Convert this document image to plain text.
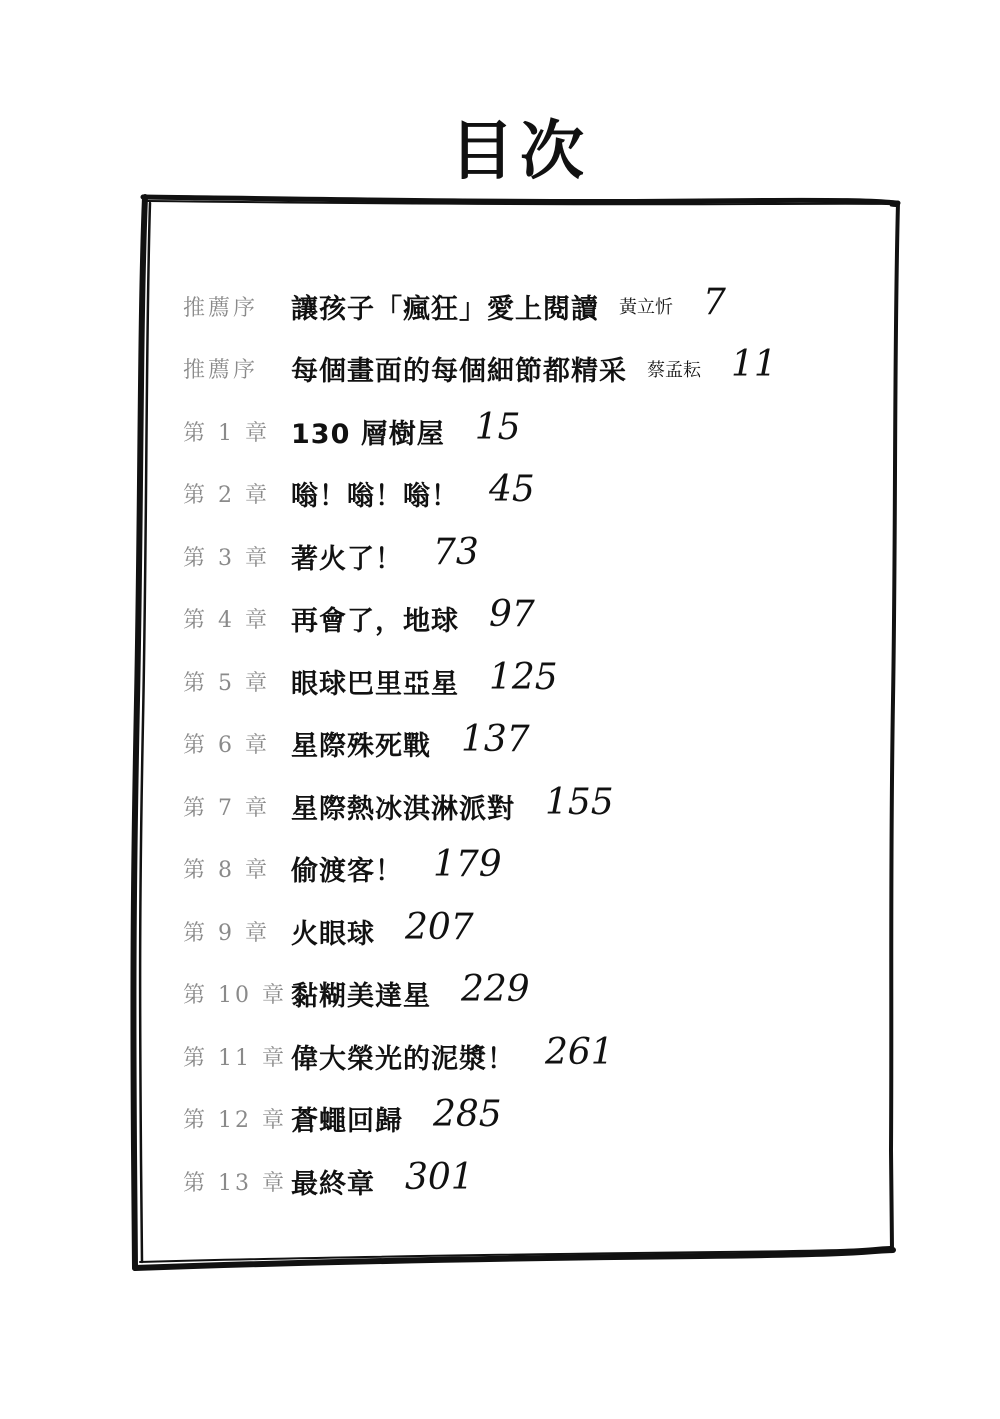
目次
推薦序	讓孩子「瘋狂」愛上閱讀 黃立忻 7
推薦序	每個畫面的每個細節都精采 蔡孟耘 11
第 1 章 130 層樹屋 15
第 2 章 嗡！嗡！嗡！ 45
第 3 章 著火了！ 73
第 4 章 再會了，地球 97
第 5 章 眼球巴里亞星 125
第 6 章 星際殊死戰 137
第 7 章 星際熱冰淇淋派對 155
第 8 章 偷渡客！ 179
第 9 章 火眼球 207
第 10 章 黏糊美達星 229
第 11 章 偉大榮光的泥漿！ 261
第 12 章 蒼蠅回歸 285
第 13 章 最終章 301
